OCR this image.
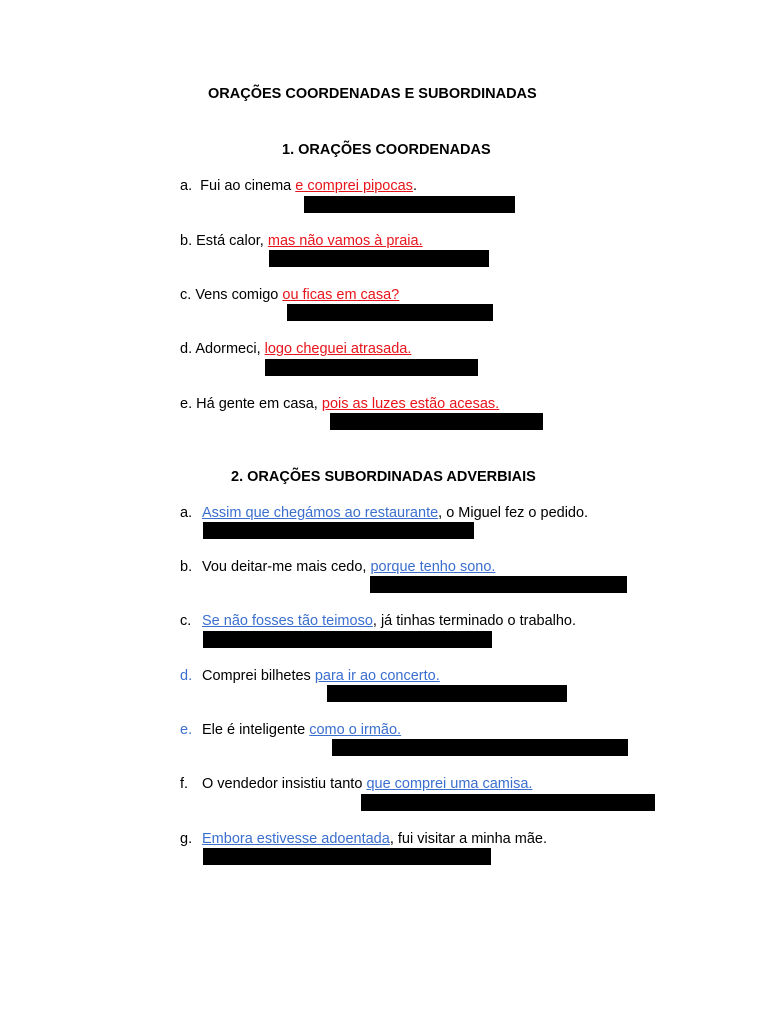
ORAÇÕES COORDENADAS E SUBORDINADAS
1. ORAÇÕES COORDENADAS
a. Fui ao cinema e comprei pipocas.
b. Está calor, mas não vamos à praia.
c. Vens comigo ou ficas em casa?
d. Adormeci, logo cheguei atrasada.
e. Há gente em casa, pois as luzes estão acesas.
2. ORAÇÕES SUBORDINADAS ADVERBIAIS
a. Assim que chegámos ao restaurante, o Miguel fez o pedido.
b. Vou deitar-me mais cedo, porque tenho sono.
c. Se não fosses tão teimoso, já tinhas terminado o trabalho.
d. Comprei bilhetes para ir ao concerto.
e. Ele é inteligente como o irmão.
f. O vendedor insistiu tanto que comprei uma camisa.
g. Embora estivesse adoentada, fui visitar a minha mãe.
